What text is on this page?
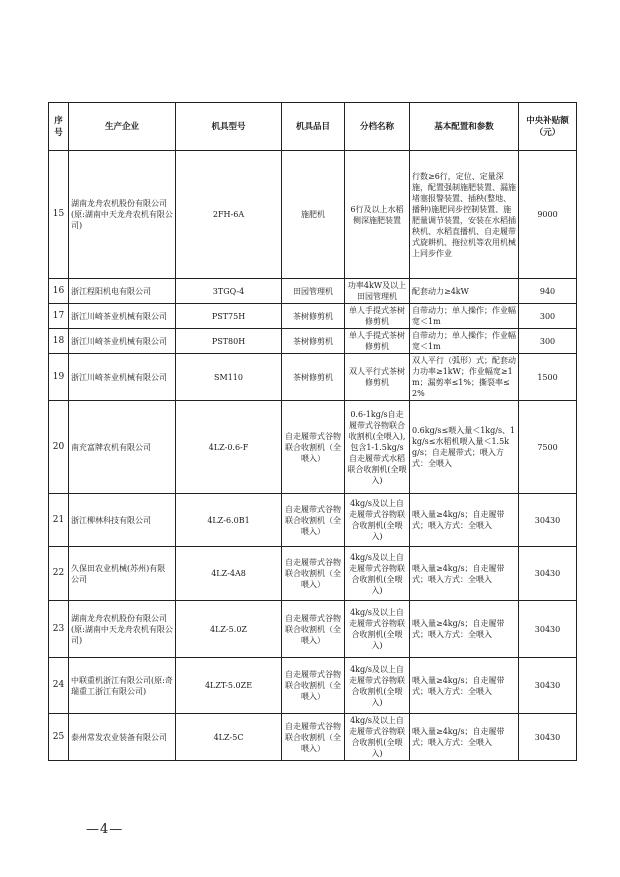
序号	生产企业	机具型号	机具品目	分档名称	基本配置和参数	中央补贴额（元）
15	湖南龙舟农机股份有限公司(原:湖南中天龙舟农机有限公司)	2FH-6A	施肥机	6行及以上水稻侧深施肥装置	行数≥6行，定位、定量深施，配置强制施肥装置、漏施堵塞报警装置、插秧(整地、播种)施肥同步控制装置、施肥量调节装置，安装在水稻插秧机、水稻直播机、自走履带式旋耕机、拖拉机等农用机械上同步作业	9000
16	浙江程阳机电有限公司	3TGQ-4	田园管理机	功率4kW及以上田园管理机	配套动力≥4kW	940
17	浙江川崎茶业机械有限公司	PST75H	茶树修剪机	单人手提式茶树修剪机	自带动力；单人操作；作业幅宽＜1m	300
18	浙江川崎茶业机械有限公司	PST80H	茶树修剪机	单人手提式茶树修剪机	自带动力；单人操作；作业幅宽＜1m	300
19	浙江川崎茶业机械有限公司	SM110	茶树修剪机	双人平行式茶树修剪机	双人平行（弧形）式；配套动力功率≥1kW；作业幅宽≥1m；漏剪率≤1%；撕裂率≤2%	1500
20	南充富牌农机有限公司	4LZ-0.6-F	自走履带式谷物联合收割机（全喂入）	0.6-1kg/s自走履带式谷物联合收割机(全喂入),包含1-1.5kg/s自走履带式水稻联合收割机(全喂入)	0.6kg/s≤喂入量＜1kg/s、1kg/s≤水稻机喂入量＜1.5kg/s；自走履带式；喂入方式：全喂入	7500
21	浙江柳林科技有限公司	4LZ-6.0B1	自走履带式谷物联合收割机（全喂入）	4kg/s及以上自走履带式谷物联合收割机(全喂入)	喂入量≥4kg/s；自走履带式；喂入方式：全喂入	30430
22	久保田农业机械(苏州)有限公司	4LZ-4A8	自走履带式谷物联合收割机（全喂入）	4kg/s及以上自走履带式谷物联合收割机(全喂入)	喂入量≥4kg/s；自走履带式；喂入方式：全喂入	30430
23	湖南龙舟农机股份有限公司(原:湖南中天龙舟农机有限公司)	4LZ-5.0Z	自走履带式谷物联合收割机（全喂入）	4kg/s及以上自走履带式谷物联合收割机(全喂入)	喂入量≥4kg/s；自走履带式；喂入方式：全喂入	30430
24	中联重机浙江有限公司(原:奇瑞重工浙江有限公司)	4LZT-5.0ZE	自走履带式谷物联合收割机（全喂入）	4kg/s及以上自走履带式谷物联合收割机(全喂入)	喂入量≥4kg/s；自走履带式；喂入方式：全喂入	30430
25	泰州常发农业装备有限公司	4LZ-5C	自走履带式谷物联合收割机（全喂入）	4kg/s及以上自走履带式谷物联合收割机(全喂入)	喂入量≥4kg/s；自走履带式；喂入方式：全喂入	30430
—4—
